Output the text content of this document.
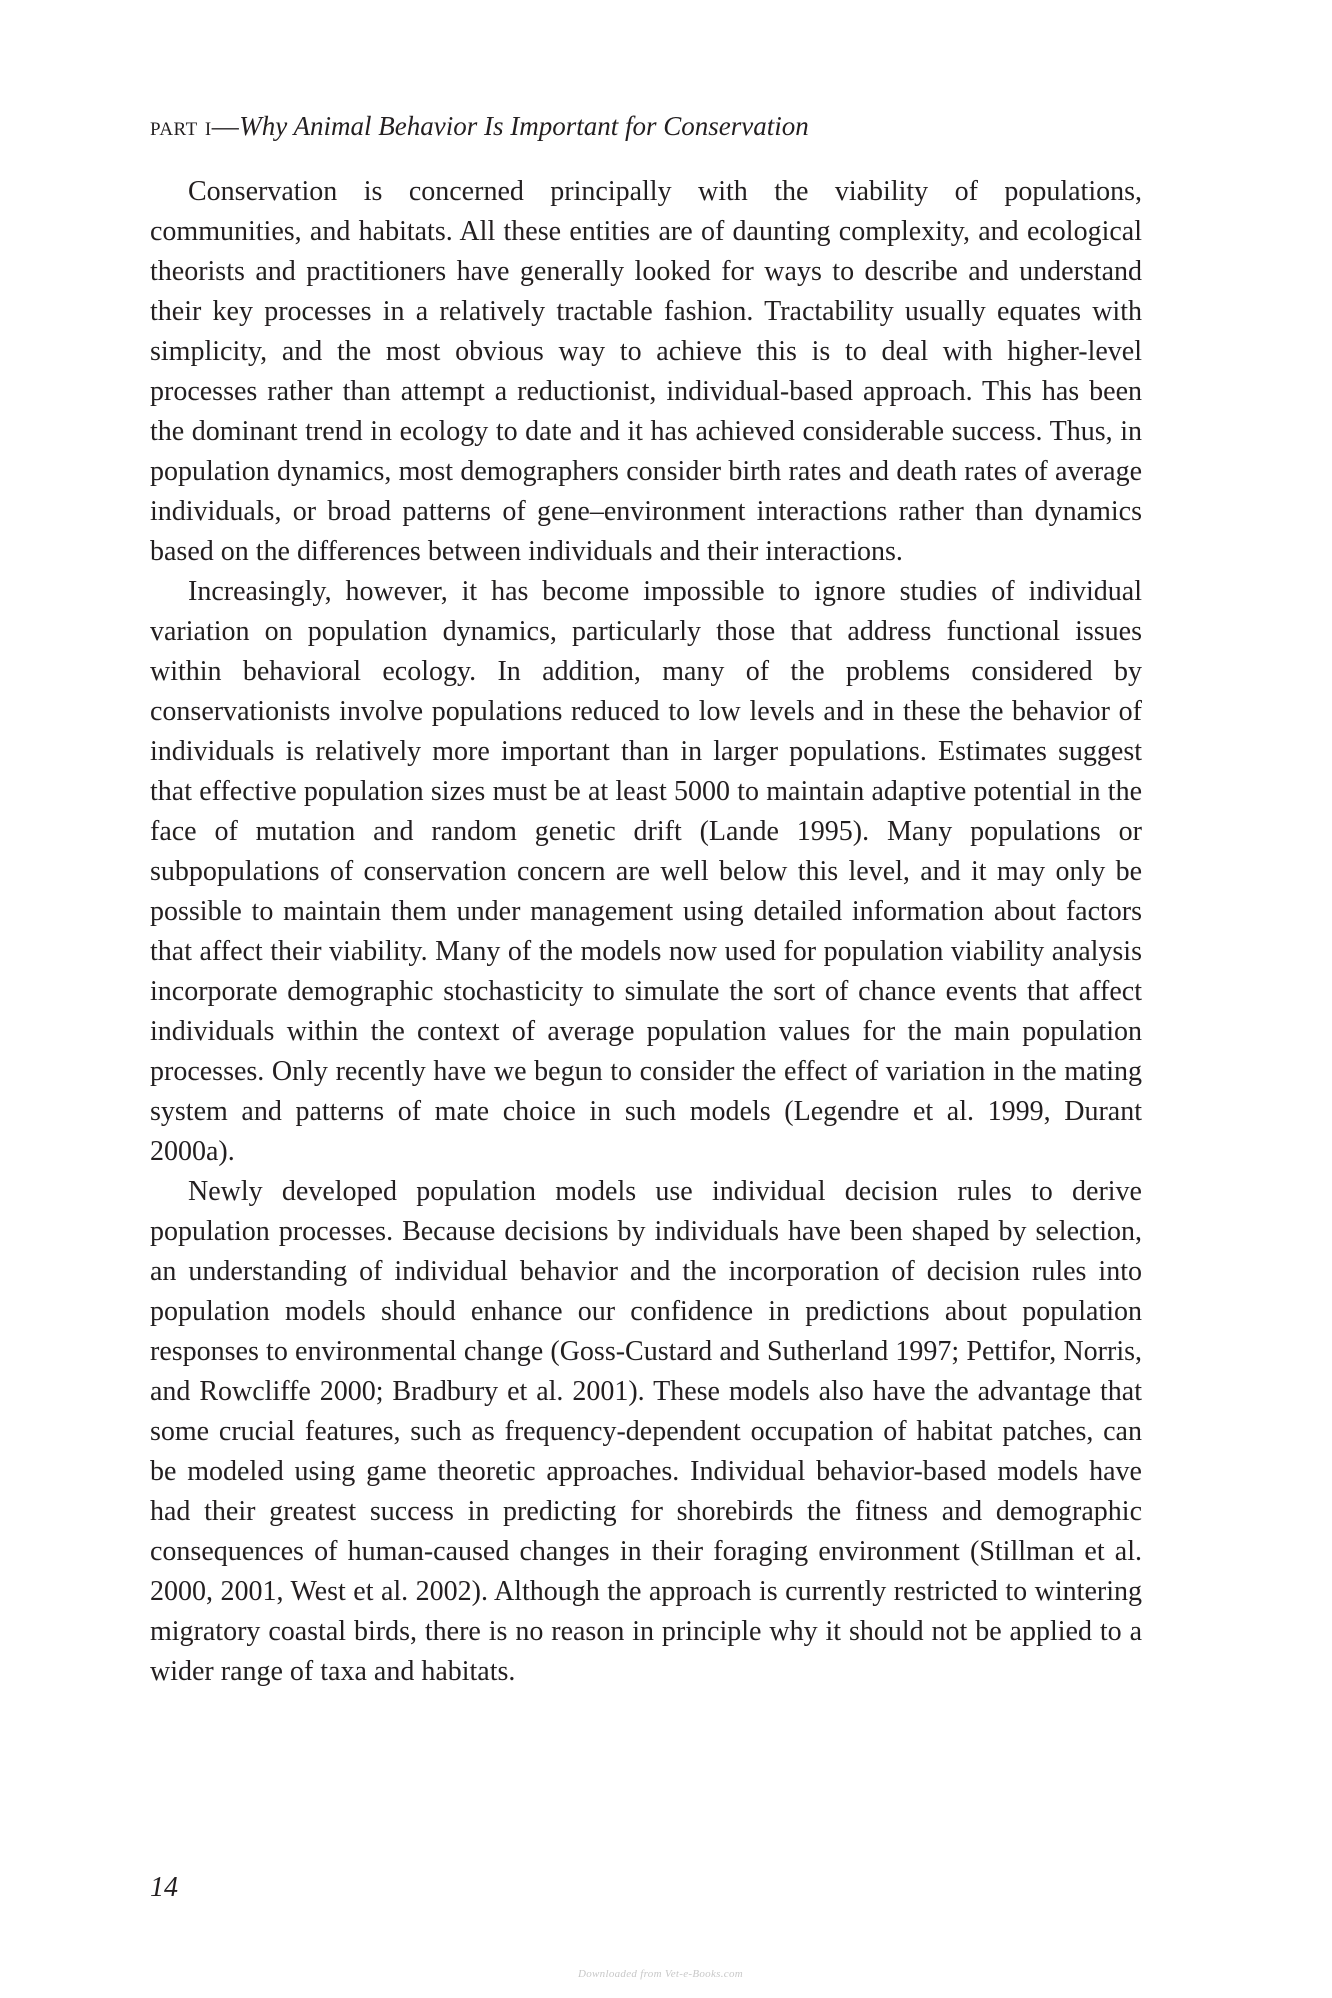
part i—Why Animal Behavior Is Important for Conservation

Conservation is concerned principally with the viability of populations, communities, and habitats. All these entities are of daunting complexity, and ecological theorists and practitioners have generally looked for ways to describe and understand their key processes in a relatively tractable fashion. Tractability usually equates with simplicity, and the most obvious way to achieve this is to deal with higher-level processes rather than attempt a reductionist, individual-based approach. This has been the dominant trend in ecology to date and it has achieved considerable success. Thus, in population dynamics, most demographers consider birth rates and death rates of average individuals, or broad patterns of gene–environment interactions rather than dynamics based on the differences between individuals and their interactions.

Increasingly, however, it has become impossible to ignore studies of individual variation on population dynamics, particularly those that address functional issues within behavioral ecology. In addition, many of the problems considered by conservationists involve populations reduced to low levels and in these the behavior of individuals is relatively more important than in larger populations. Estimates suggest that effective population sizes must be at least 5000 to maintain adaptive potential in the face of mutation and random genetic drift (Lande 1995). Many populations or subpopulations of conservation concern are well below this level, and it may only be possible to maintain them under management using detailed information about factors that affect their viability. Many of the models now used for population viability analysis incorporate demographic stochasticity to simulate the sort of chance events that affect individuals within the context of average population values for the main population processes. Only recently have we begun to consider the effect of variation in the mating system and patterns of mate choice in such models (Legendre et al. 1999, Durant 2000a).

Newly developed population models use individual decision rules to derive population processes. Because decisions by individuals have been shaped by selection, an understanding of individual behavior and the incorporation of decision rules into population models should enhance our confidence in predictions about population responses to environmental change (Goss-Custard and Sutherland 1997; Pettifor, Norris, and Rowcliffe 2000; Bradbury et al. 2001). These models also have the advantage that some crucial features, such as frequency-dependent occupation of habitat patches, can be modeled using game theoretic approaches. Individual behavior-based models have had their greatest success in predicting for shorebirds the fitness and demographic consequences of human-caused changes in their foraging environment (Stillman et al. 2000, 2001, West et al. 2002). Although the approach is currently restricted to wintering migratory coastal birds, there is no reason in principle why it should not be applied to a wider range of taxa and habitats.

14
Downloaded from Vet-e-Books.com
